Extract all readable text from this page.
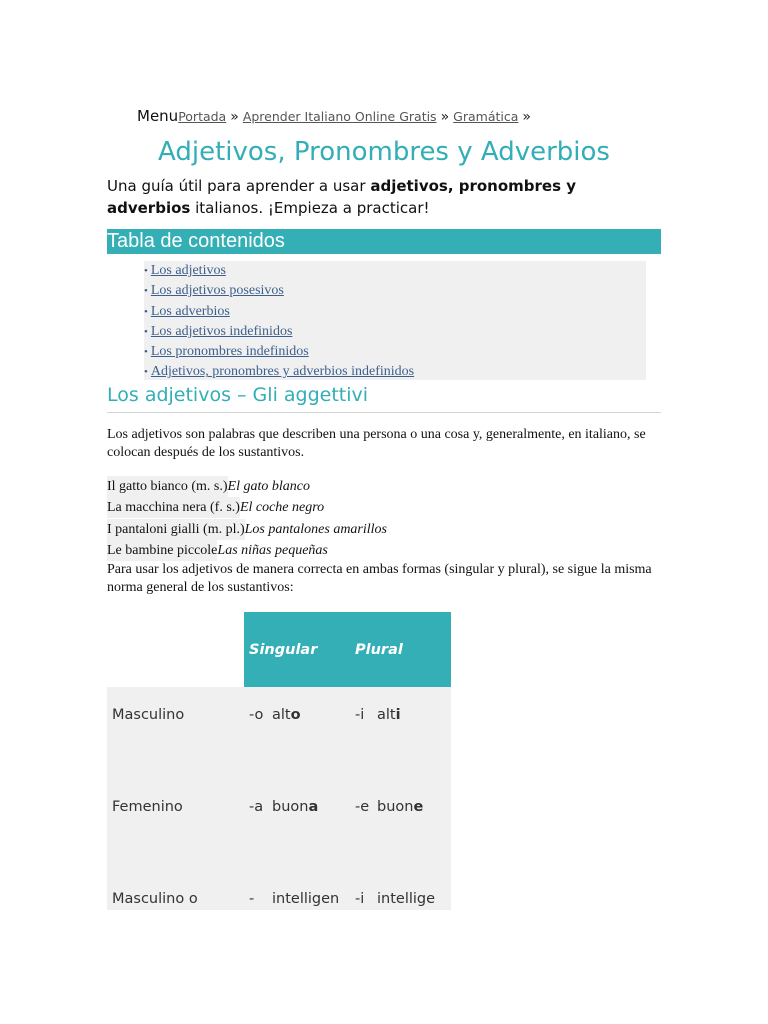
MenuPortada » Aprender Italiano Online Gratis » Gramática »
Adjetivos, Pronombres y Adverbios

Una guía útil para aprender a usar adjetivos, pronombres y adverbios italianos. ¡Empieza a practicar!

Tabla de contenidos
• Los adjetivos
• Los adjetivos posesivos
• Los adverbios
• Los adjetivos indefinidos
• Los pronombres indefinidos
• Adjetivos, pronombres y adverbios indefinidos
Los adjetivos – Gli aggettivi

Los adjetivos son palabras que describen una persona o una cosa y, generalmente, en italiano, se colocan después de los sustantivos.

Il gatto bianco (m. s.)El gato blanco
La macchina nera (f. s.)El coche negro
I pantaloni gialli (m. pl.)Los pantalones amarillos
Le bambine piccoleLas niñas pequeñas

Para usar los adjetivos de manera correcta en ambas formas (singular y plural), se sigue la misma norma general de los sustantivos:

	Singular		Plural	

Masculino	-o	alto	-i	alti

Femenino	-a	buona	-e	buone

Masculino o	-	intelligen	-i	intellige
